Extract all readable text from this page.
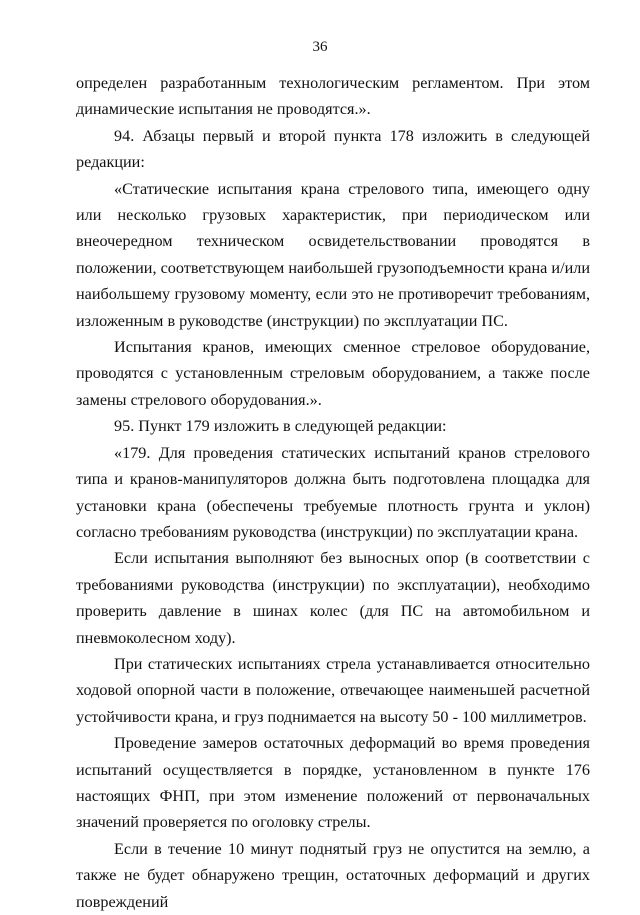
36

определен разработанным технологическим регламентом. При этом динамические испытания не проводятся.».

94. Абзацы первый и второй пункта 178 изложить в следующей редакции:

«Статические испытания крана стрелового типа, имеющего одну или несколько грузовых характеристик, при периодическом или внеочередном техническом освидетельствовании проводятся в положении, соответствующем наибольшей грузоподъемности крана и/или наибольшему грузовому моменту, если это не противоречит требованиям, изложенным в руководстве (инструкции) по эксплуатации ПС.

Испытания кранов, имеющих сменное стреловое оборудование, проводятся с установленным стреловым оборудованием, а также после замены стрелового оборудования.».

95. Пункт 179 изложить в следующей редакции:

«179. Для проведения статических испытаний кранов стрелового типа и кранов-манипуляторов должна быть подготовлена площадка для установки крана (обеспечены требуемые плотность грунта и уклон) согласно требованиям руководства (инструкции) по эксплуатации крана.

Если испытания выполняют без выносных опор (в соответствии с требованиями руководства (инструкции) по эксплуатации), необходимо проверить давление в шинах колес (для ПС на автомобильном и пневмоколесном ходу).

При статических испытаниях стрела устанавливается относительно ходовой опорной части в положение, отвечающее наименьшей расчетной устойчивости крана, и груз поднимается на высоту 50 - 100 миллиметров.

Проведение замеров остаточных деформаций во время проведения испытаний осуществляется в порядке, установленном в пункте 176 настоящих ФНП, при этом изменение положений от первоначальных значений проверяется по оголовку стрелы.

Если в течение 10 минут поднятый груз не опустится на землю, а также не будет обнаружено трещин, остаточных деформаций и других повреждений
